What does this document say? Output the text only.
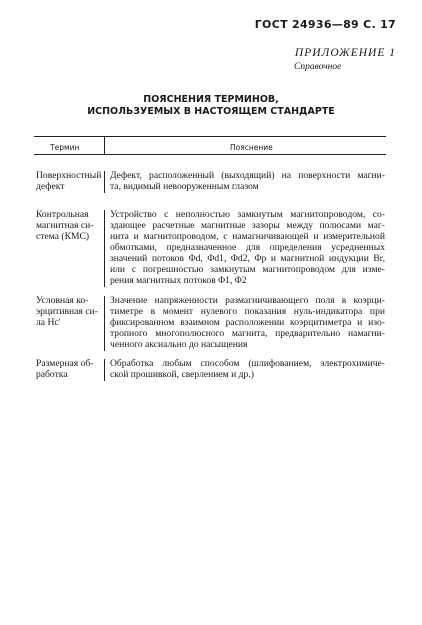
ГОСТ 24936—89 С. 17
ПРИЛОЖЕНИЕ 1
Справочное
ПОЯСНЕНИЯ ТЕРМИНОВ,
ИСПОЛЬЗУЕМЫХ В НАСТОЯЩЕМ СТАНДАРТЕ
Термин	Пояснение
Поверхностный
дефект
Дефект, расположенный (выходящий) на поверхности магни-
та, видимый невооруженным глазом
Контрольная
магнитная си-
стема (КМС)
Устройство с неполностью замкнутым магнитопроводом, со-
здающее расчетные магнитные зазоры между полюсами маг-
нита и магнитопроводом, с намагничивающей и измерительной
обмотками, предназначенное для определения усредненных
значений потоков Φd, Φd1, Φd2, Φp и магнитной индукции Br,
или с погрешностью замкнутым магнитопроводом для изме-
рения магнитных потоков Φ1, Φ2
Условная ко-
эрцитивная си-
ла Нс'
Значение напряженности размагничивающего поля в коэрци-
тиметре в момент нулевого показания нуль-индикатора при
фиксированном взаимном расположении коэрцитиметра и изо-
тропного многополюсного магнита, предварительно намагни-
ченного аксиально до насыщения
Размерная об-
работка
Обработка любым способом (шлифованием, электрохимиче-
ской прошивкой, сверлением и др.)
